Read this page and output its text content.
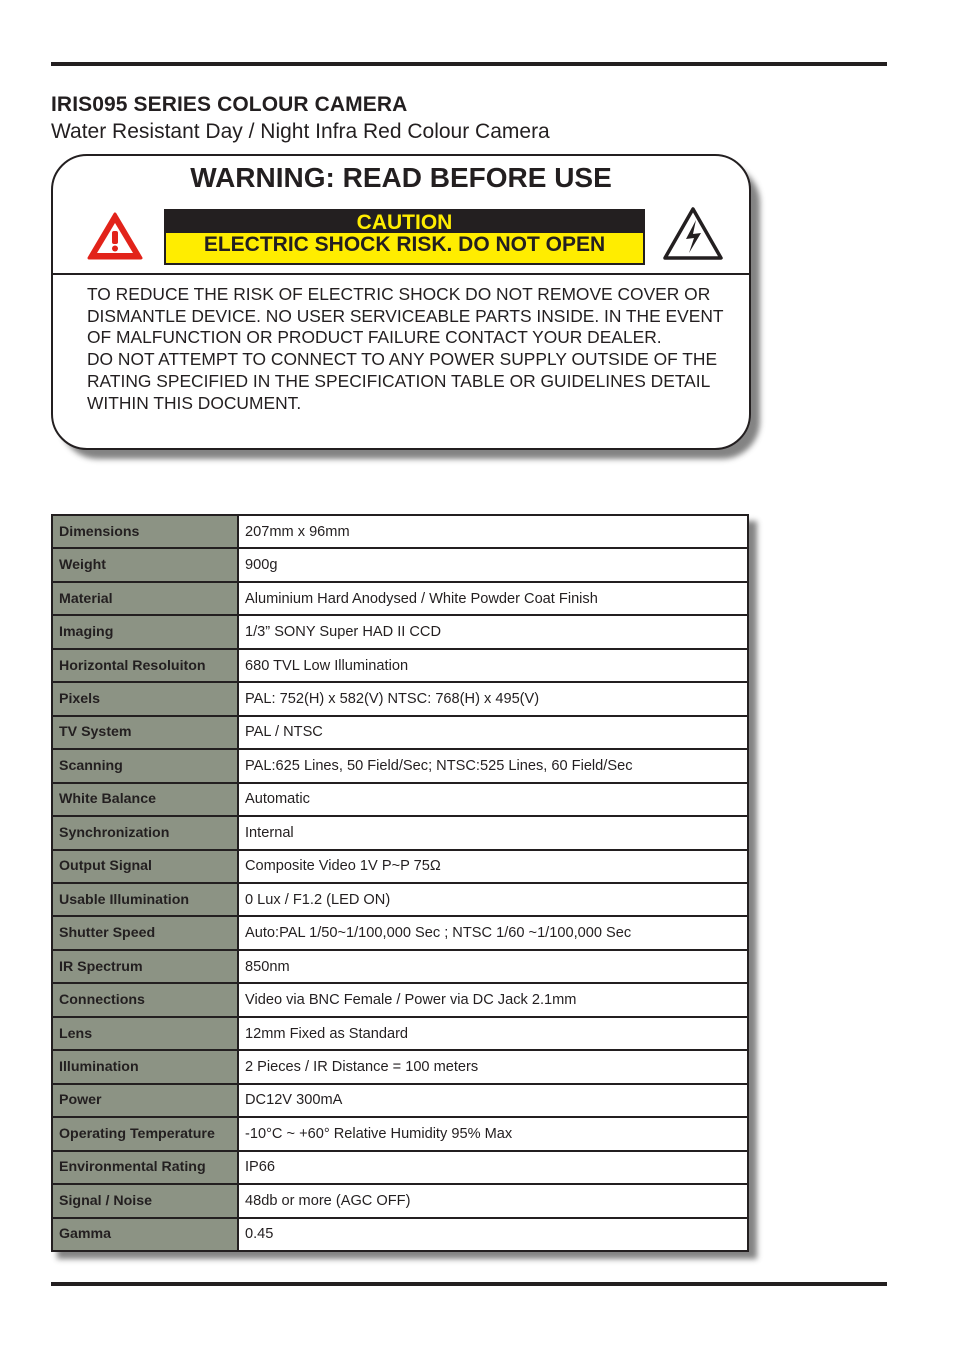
IRIS095 SERIES COLOUR CAMERA
Water Resistant Day / Night Infra Red Colour Camera
WARNING: READ BEFORE USE
CAUTION
ELECTRIC SHOCK RISK. DO NOT OPEN

TO REDUCE THE RISK OF ELECTRIC SHOCK DO NOT REMOVE COVER OR DISMANTLE DEVICE. NO USER SERVICEABLE PARTS INSIDE. IN THE EVENT OF MALFUNCTION OR PRODUCT FAILURE CONTACT YOUR DEALER.

DO NOT ATTEMPT TO CONNECT TO ANY POWER SUPPLY OUTSIDE OF THE RATING SPECIFIED IN THE SPECIFICATION TABLE OR GUIDELINES DETAIL WITHIN THIS DOCUMENT.

Dimensions	207mm x 96mm
Weight	900g
Material	Aluminium Hard Anodysed / White Powder Coat Finish
Imaging	1/3” SONY Super HAD II CCD
Horizontal Resoluiton	680 TVL Low Illumination
Pixels	PAL: 752(H) x 582(V) NTSC: 768(H) x 495(V)
TV System	PAL / NTSC
Scanning	PAL:625 Lines, 50 Field/Sec; NTSC:525 Lines, 60 Field/Sec
White Balance	Automatic
Synchronization	Internal
Output Signal	Composite Video 1V P~P 75Ω
Usable Illumination	0 Lux / F1.2 (LED ON)
Shutter Speed	Auto:PAL 1/50~1/100,000 Sec ; NTSC 1/60 ~1/100,000 Sec
IR Spectrum	850nm
Connections	Video via BNC Female / Power via DC Jack 2.1mm
Lens	12mm Fixed as Standard
Illumination	2 Pieces / IR Distance = 100 meters
Power	DC12V 300mA
Operating Temperature	-10°C ~ +60° Relative Humidity 95% Max
Environmental Rating	IP66
Signal / Noise	48db or more (AGC OFF)
Gamma	0.45
